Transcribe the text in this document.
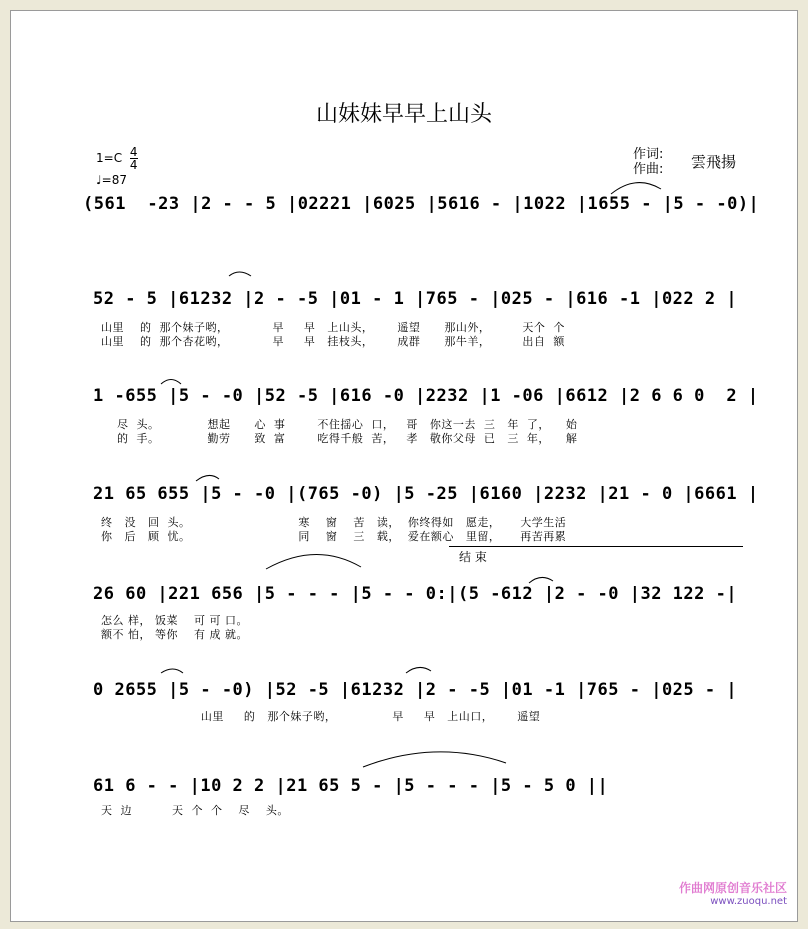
山妹妹早早上山头
$1=C \frac{4}{4}$
♩=87
作词:
作曲: 雲飛揚
(561  -23 |2 - - 5 |02221 |6025 |5616 - |1022 |1655 - |5 - -0)|
52 - 5 |61232 |2 - -5 |01 - 1 |765 - |025 - |616 -1 |022 2 |
山里    的  那个妹子哟，           早     早   上山头，      遥望      那山外，        天个  个
山里    的  那个杏花哟，           早     早   挂枝头，      成群      那牛羊，        出自  额
1 -655 |5 - -0 |52 -5 |616 -0 |2232 |1 -06 |6612 |2 6 6 0  2 |
尽  头。            想起      心  事        不住揺心  口，   哥   你这一去  三   年  了，    始
的  手。            勤劳      致  富        吃得千般  苦，   孝   敬你父母  已   三  年，    解
21 65 655 |5 - -0 |(765 -0) |5 -25 |6160 |2232 |21 - 0 |6661 |
终   没   回  头。                           寒    窗    苦   读，  你终得如   愿走，     大学生活
你   后   顾  忧。                           同    窗    三   载，  爱在额心   里留，     再苦再累
结 束
26 60 |221 656 |5 - - - |5 - - 0:|(5 -612 |2 - -0 |32 122 -|
怎么 样， 饭菜    可 可 口。
额不 怕， 等你    有 成 就。
0 2655 |5 - -0) |52 -5 |61232 |2 - -5 |01 -1 |765 - |025 - |
山里     的   那个妹子哟，              早     早   上山口，      遥望
61 6 - - |10 2 2 |21 65 5 - |5 - - - |5 - 5 0 ||
天  边          天  个  个    尽    头。
作曲网原创音乐社区
www.zuoqu.net
